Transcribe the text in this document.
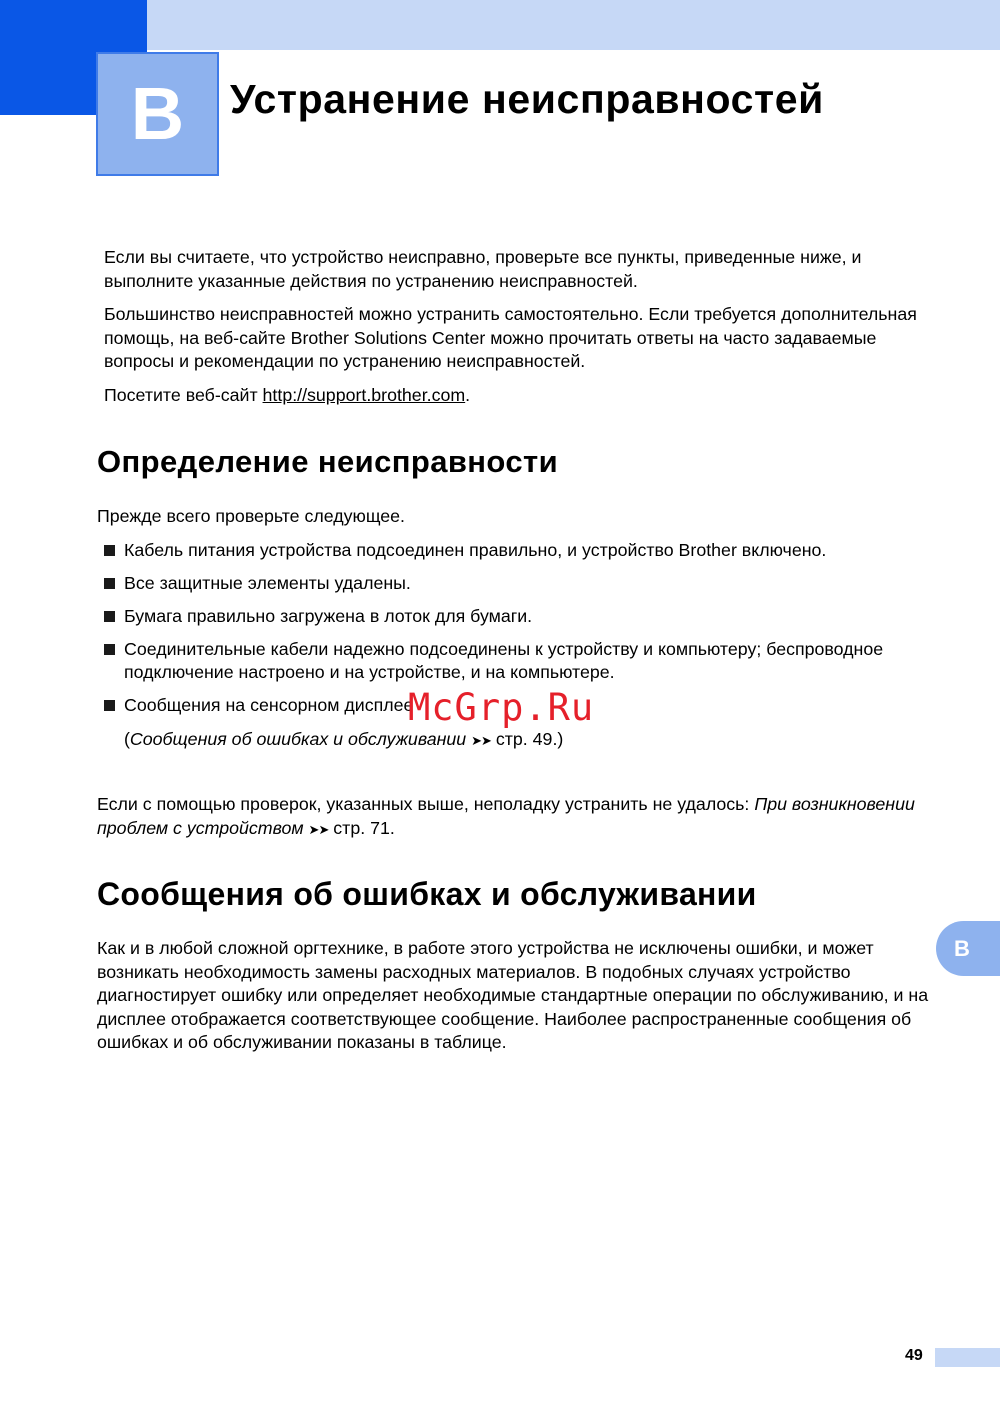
B	Устранение неисправностей

Если вы считаете, что устройство неисправно, проверьте все пункты, приведенные ниже, и выполните указанные действия по устранению неисправностей.

Большинство неисправностей можно устранить самостоятельно. Если требуется дополнительная помощь, на веб-сайте Brother Solutions Center можно прочитать ответы на часто задаваемые вопросы и рекомендации по устранению неисправностей.

Посетите веб-сайт http://support.brother.com.

Определение неисправности

Прежде всего проверьте следующее.

Кабель питания устройства подсоединен правильно, и устройство Brother включено.
Все защитные элементы удалены.
Бумага правильно загружена в лоток для бумаги.
Соединительные кабели надежно подсоединены к устройству и компьютеру; беспроводное подключение настроено и на устройстве, и на компьютере.
Сообщения на сенсорном дисплее
(Сообщения об ошибках и обслуживании ➤➤ стр. 49.)

Если с помощью проверок, указанных выше, неполадку устранить не удалось: При возникновении проблем с устройством ➤➤ стр. 71.

Сообщения об ошибках и обслуживании

Как и в любой сложной оргтехнике, в работе этого устройства не исключены ошибки, и может возникать необходимость замены расходных материалов. В подобных случаях устройство диагностирует ошибку или определяет необходимые стандартные операции по обслуживанию, и на дисплее отображается соответствующее сообщение. Наиболее распространенные сообщения об ошибках и об обслуживании показаны в таблице.

B
McGrp.Ru
49
